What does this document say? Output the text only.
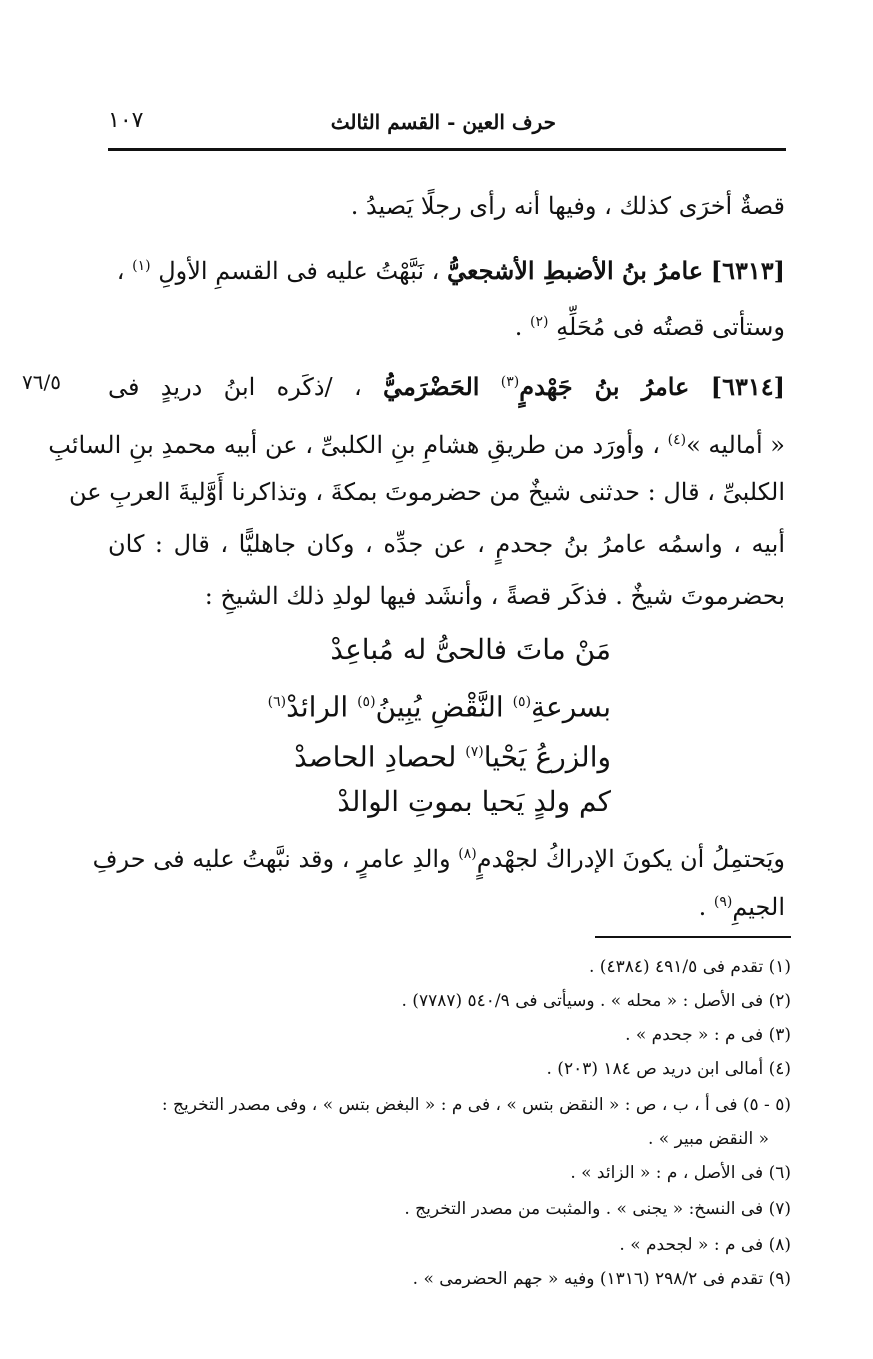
حرف العين - القسم الثالث
١٠٧
قصةٌ أخرَى كذلك ، وفيها أنه رأى رجلًا يَصيدُ .
[٦٣١٣] عامرُ بنُ الأضبطِ الأشجعيُّ ، نَبَّهْتُ عليه فى القسمِ الأولِ $^{(١)}$ ،
وستأتى قصتُه فى مُحَلِّهِ $^{(٢)}$ .
[٦٣١٤] عامرُ بنُ جَهْدمٍ$^{(٣)}$ الحَضْرَميُّ ، /ذكَره ابنُ دريدٍ فى
٧٦/٥
« أماليه »$^{(٤)}$ ، وأورَد من طريقِ هشامِ بنِ الكلبىِّ ، عن أبيه محمدِ بنِ السائبِ
الكلبىِّ ، قال : حدثنى شيخٌ من حضرموتَ بمكةَ ، وتذاكرنا أَوَّليةَ العربِ عن
أبيه ، واسمُه عامرُ بنُ جحدمٍ ، عن جدِّه ، وكان جاهليًّا ، قال : كان
بحضرموتَ شيخٌ . فذكَر قصةً ، وأنشَد فيها لولدِ ذلك الشيخِ :
مَنْ ماتَ فالحىُّ له مُباعِدْ
بسرعةِ$^{(٥)}$ النَّقْضِ يُبِينُ$^{(٥)}$ الرائدْ$^{(٦)}$
والزرعُ يَحْيا$^{(٧)}$ لحصادِ الحاصدْ
كم ولدٍ يَحيا بموتِ الوالدْ
ويَحتمِلُ أن يكونَ الإدراكُ لجهْدمٍ$^{(٨)}$ والدِ عامرٍ ، وقد نبَّهتُ عليه فى حرفِ
الجيمِ$^{(٩)}$ .
(١) تقدم فى ٤٩١/٥ (٤٣٨٤) .
(٢) فى الأصل : « محله » . وسيأتى فى ٥٤٠/٩ (٧٧٨٧) .
(٣) فى م : « جحدم » .
(٤) أمالى ابن دريد ص ١٨٤ (٢٠٣) .
(٥ - ٥) فى أ ، ب ، ص : « النقض بتس » ، فى م : « البغض بتس » ، وفى مصدر التخريج :
« النقض مبير » .
(٦) فى الأصل ، م : « الزائد » .
(٧) فى النسخ: « يجنى » . والمثبت من مصدر التخريج .
(٨) فى م : « لجحدم » .
(٩) تقدم فى ٢٩٨/٢ (١٣١٦) وفيه « جهم الحضرمى » .
